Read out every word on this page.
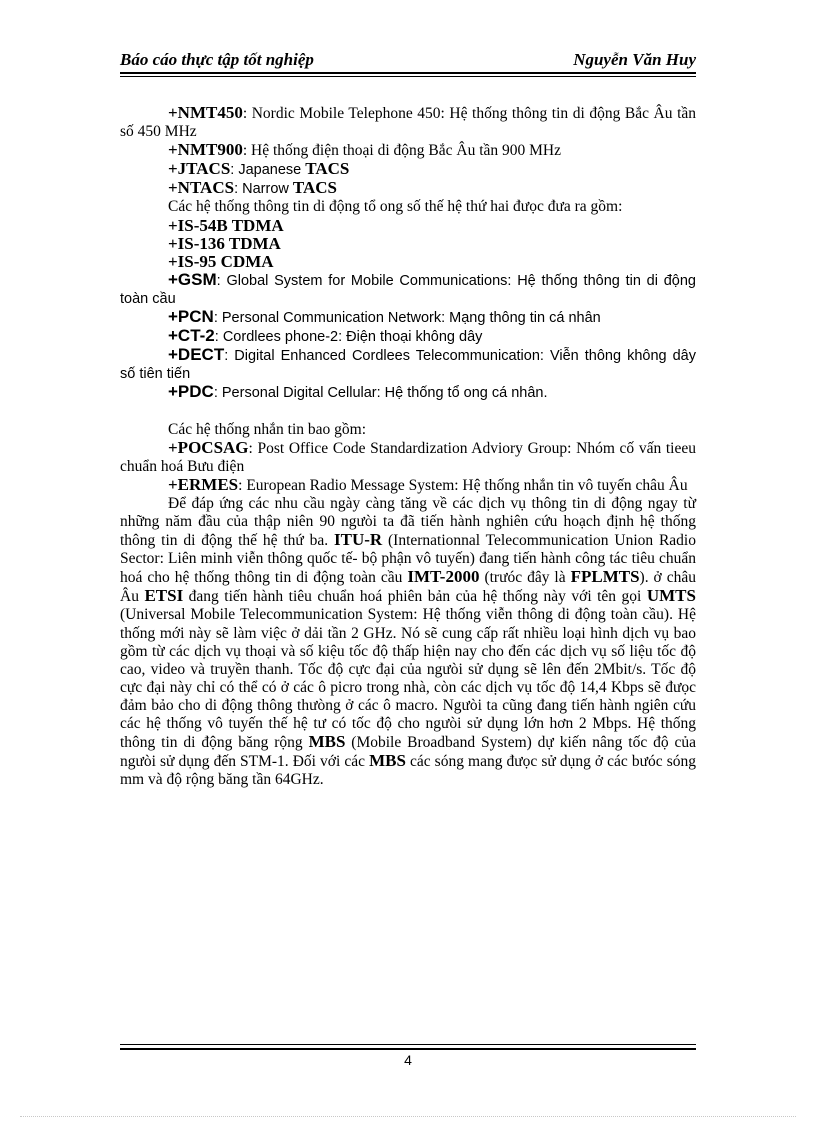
Báo cáo thực tập tốt nghiệp	Nguyễn Văn Huy

+NMT450: Nordic Mobile Telephone 450: Hệ thống thông tin di động Bắc Âu tần số 450 MHz

+NMT900: Hệ thống điện thoại di động Bắc Âu tần 900 MHz

+JTACS: Japanese TACS

+NTACS: Narrow TACS

Các hệ thống thông tin di động tổ ong số thế hệ thứ hai đưọc đưa ra gồm:

+IS-54B TDMA

+IS-136 TDMA

+IS-95 CDMA

+GSM: Global System for Mobile Communications: Hệ thống thông tin di động toàn cầu

+PCN: Personal Communication Network: Mạng thông tin cá nhân

+CT-2: Cordlees phone-2: Điện thoại không dây

+DECT: Digital Enhanced Cordlees Telecommunication: Viễn thông không dây số tiên tiến

+PDC: Personal Digital Cellular: Hệ thống tổ ong cá nhân.

Các hệ thống nhắn tin bao gồm:

+POCSAG: Post Office Code Standardization Adviory Group: Nhóm cố vấn tieeu chuẩn hoá Bưu điện

+ERMES: European Radio Message System: Hệ thống nhắn tin vô tuyến châu Âu

Để đáp ứng các nhu cầu ngày càng tăng về các dịch vụ thông tin di động ngay từ những năm đầu của thập niên 90 ngưòi ta đã tiến hành nghiên cứu hoạch định hệ thống thông tin di động thế hệ thứ ba. ITU-R (Internationnal Telecommunication Union Radio Sector: Liên minh viễn thông quốc tế- bộ phận vô tuyến) đang tiến hành công tác tiêu chuẩn hoá cho hệ thống thông tin di động toàn cầu IMT-2000 (trưóc đây là FPLMTS). ở châu Âu ETSI đang tiến hành tiêu chuẩn hoá phiên bản của hệ thống này với tên gọi UMTS (Universal Mobile Telecommunication System: Hệ thống viễn thông di động toàn cầu). Hệ thống mới này sẽ làm việc ở dải tần 2 GHz. Nó sẽ cung cấp rất nhiều loại hình dịch vụ bao gồm từ các dịch vụ thoại và số kiệu tốc độ thấp hiện nay cho đến các dịch vụ số liệu tốc độ cao, video và truyền thanh. Tốc độ cực đại của ngưòi sử dụng sẽ lên đến 2Mbit/s. Tốc độ cực đại này chỉ có thể có ở các ô picro trong nhà, còn các dịch vụ tốc độ 14,4 Kbps sẽ đưọc đảm bảo cho di động thông thưòng ở các ô macro. Ngưòi ta cũng đang tiến hành ngiên cứu các hệ thống vô tuyến thế hệ tư có tốc độ cho ngưòi sử dụng lớn hơn 2 Mbps. Hệ thống thông tin di động băng rộng MBS (Mobile Broadband System) dự kiến nâng tốc độ của ngưòi sử dụng đến STM-1. Đối với các MBS các sóng mang đưọc sử dụng ở các bưóc sóng mm và độ rộng băng tần 64GHz.

4
